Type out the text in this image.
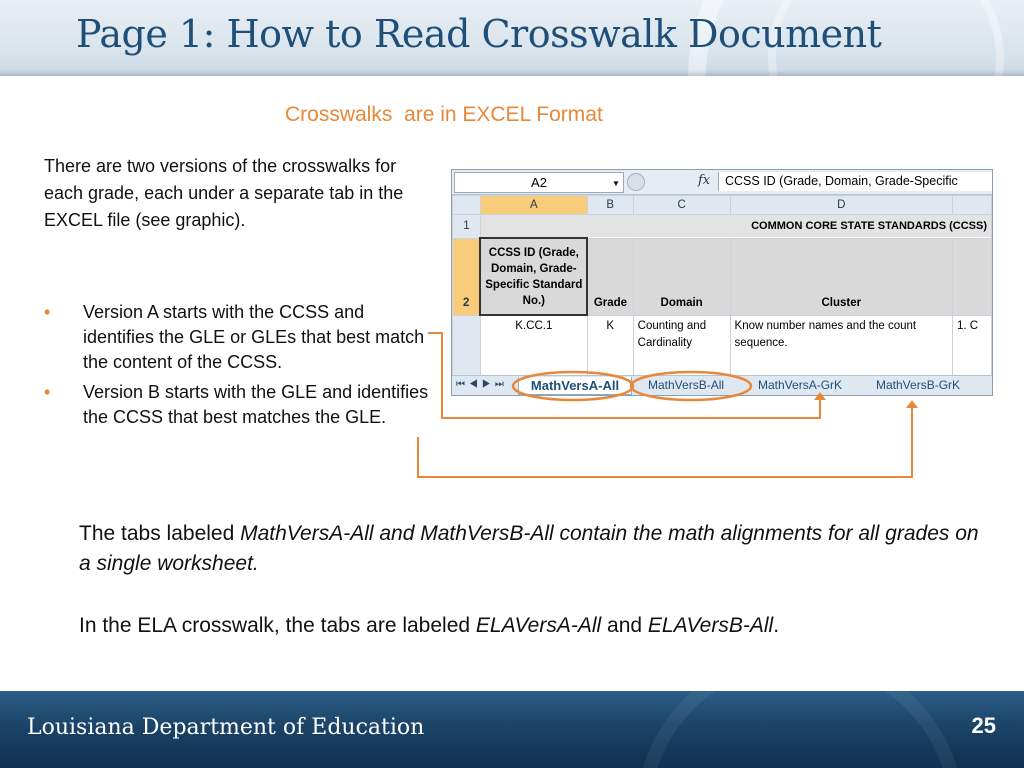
Page 1: How to Read Crosswalk Document
Crosswalks  are in EXCEL Format
There are two versions of the crosswalks for each grade, each under a separate tab in the EXCEL file (see graphic).
• Version A starts with the CCSS and identifies the GLE or GLEs that best match the content of the CCSS.
• Version B starts with the GLE and identifies the CCSS that best matches the GLE.
A2	▼	fx	CCSS ID (Grade, Domain, Grade-Specific
	A	B	C	D	
1	COMMON CORE STATE STANDARDS (CCSS)				
2	CCSS ID (Grade, Domain, Grade-Specific Standard No.)	Grade	Domain	Cluster	
	K.CC.1	K	Counting and Cardinality	Know number names and the count sequence.	1. C
⏮◀▶⏭	MathVersA-All	MathVersB-All	MathVersA-GrK	MathVersB-GrK
The tabs labeled MathVersA-All and MathVersB-All contain the math alignments for all grades on a single worksheet.
In the ELA crosswalk, the tabs are labeled ELAVersA-All and ELAVersB-All.
Louisiana Department of Education	25
